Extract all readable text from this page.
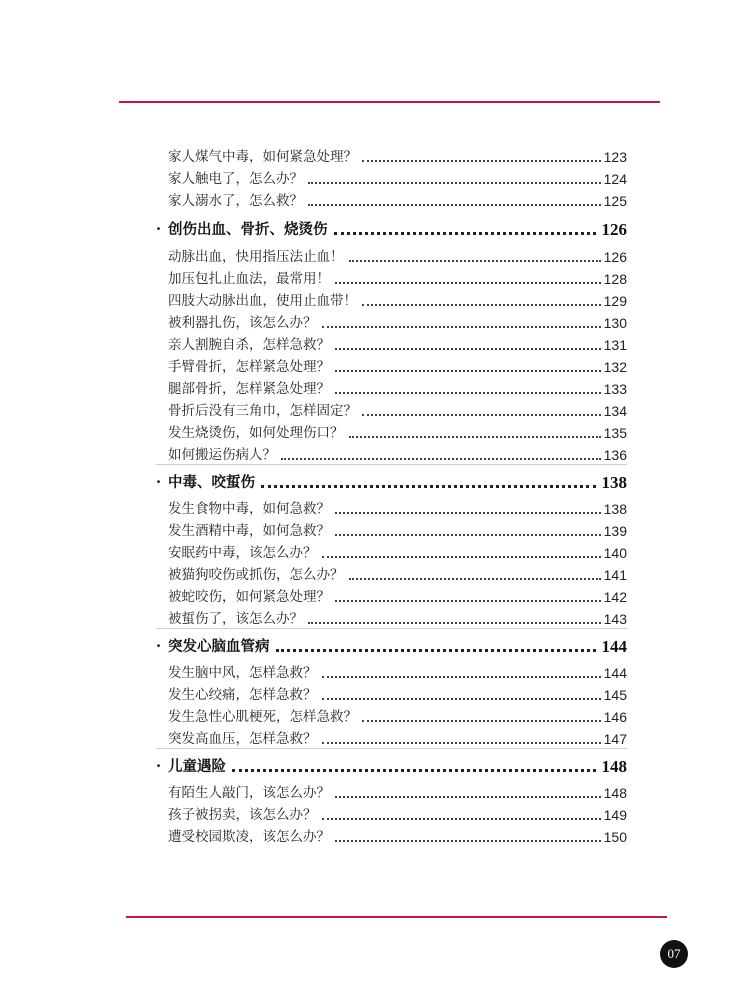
家人煤气中毒，如何紧急处理？	123
家人触电了，怎么办？	124
家人溺水了，怎么救？	125
· 创伤出血、骨折、烧烫伤	126
动脉出血，快用指压法止血！	126
加压包扎止血法，最常用！	128
四肢大动脉出血，使用止血带！	129
被利器扎伤，该怎么办？	130
亲人割腕自杀，怎样急救？	131
手臂骨折，怎样紧急处理？	132
腿部骨折，怎样紧急处理？	133
骨折后没有三角巾，怎样固定？	134
发生烧烫伤，如何处理伤口？	135
如何搬运伤病人？	136
· 中毒、咬蜇伤	138
发生食物中毒，如何急救？	138
发生酒精中毒，如何急救？	139
安眠药中毒，该怎么办？	140
被猫狗咬伤或抓伤，怎么办？	141
被蛇咬伤，如何紧急处理？	142
被蜇伤了，该怎么办？	143
· 突发心脑血管病	144
发生脑中风，怎样急救？	144
发生心绞痛，怎样急救？	145
发生急性心肌梗死，怎样急救？	146
突发高血压，怎样急救？	147
· 儿童遇险	148
有陌生人敲门，该怎么办？	148
孩子被拐卖，该怎么办？	149
遭受校园欺凌，该怎么办？	150
07
